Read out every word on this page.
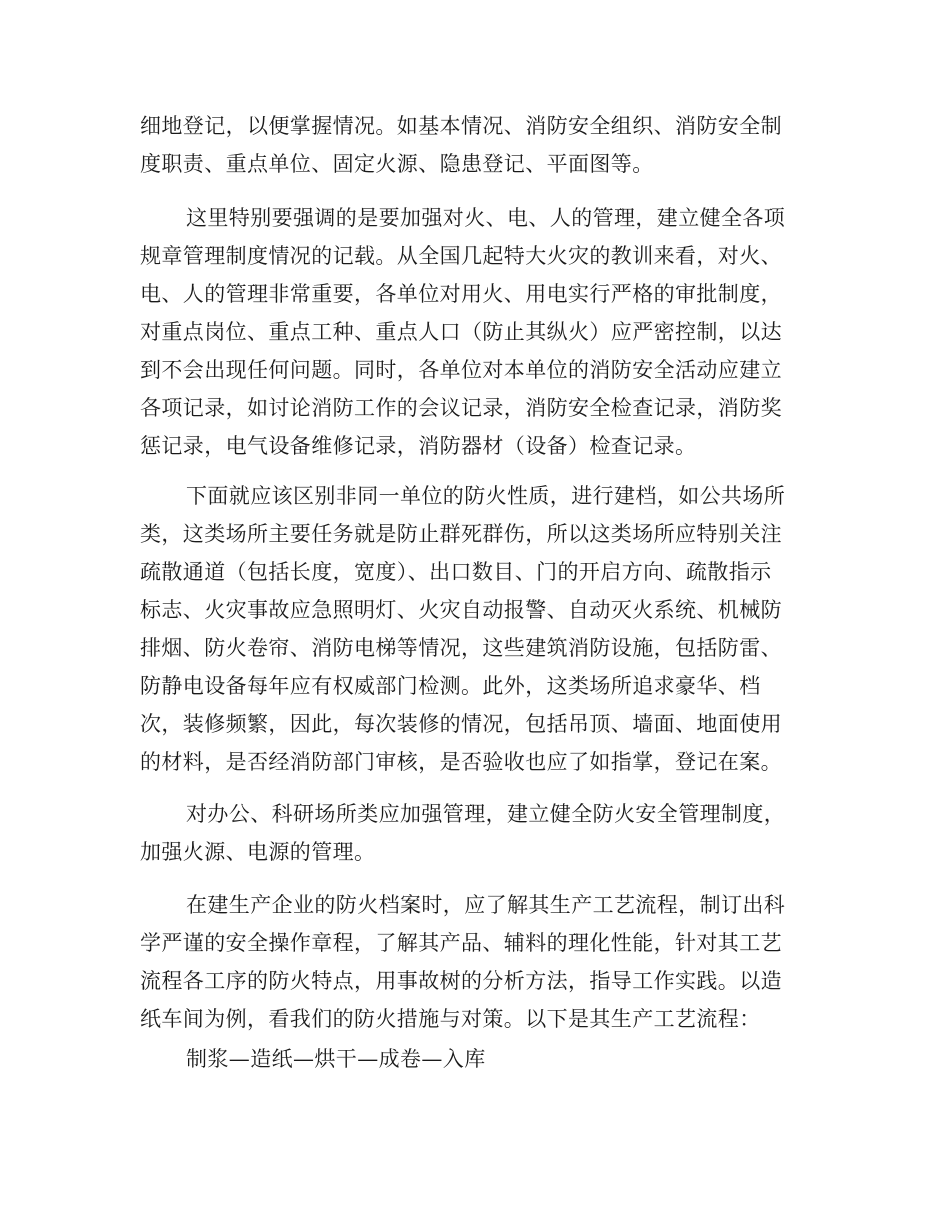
细地登记，以便掌握情况。如基本情况、消防安全组织、消防安全制
度职责、重点单位、固定火源、隐患登记、平面图等。
这里特别要强调的是要加强对火、电、人的管理，建立健全各项
规章管理制度情况的记载。从全国几起特大火灾的教训来看，对火、
电、人的管理非常重要，各单位对用火、用电实行严格的审批制度，
对重点岗位、重点工种、重点人口（防止其纵火）应严密控制，以达
到不会出现任何问题。同时，各单位对本单位的消防安全活动应建立
各项记录，如讨论消防工作的会议记录，消防安全检查记录，消防奖
惩记录，电气设备维修记录，消防器材（设备）检查记录。
下面就应该区别非同一单位的防火性质，进行建档，如公共场所
类，这类场所主要任务就是防止群死群伤，所以这类场所应特别关注
疏散通道（包括长度，宽度）、出口数目、门的开启方向、疏散指示
标志、火灾事故应急照明灯、火灾自动报警、自动灭火系统、机械防
排烟、防火卷帘、消防电梯等情况，这些建筑消防设施，包括防雷、
防静电设备每年应有权威部门检测。此外，这类场所追求豪华、档
次，装修频繁，因此，每次装修的情况，包括吊顶、墙面、地面使用
的材料，是否经消防部门审核，是否验收也应了如指掌，登记在案。
对办公、科研场所类应加强管理，建立健全防火安全管理制度，
加强火源、电源的管理。
在建生产企业的防火档案时，应了解其生产工艺流程，制订出科
学严谨的安全操作章程，了解其产品、辅料的理化性能，针对其工艺
流程各工序的防火特点，用事故树的分析方法，指导工作实践。以造
纸车间为例，看我们的防火措施与对策。以下是其生产工艺流程：
制浆—造纸—烘干—成卷—入库
